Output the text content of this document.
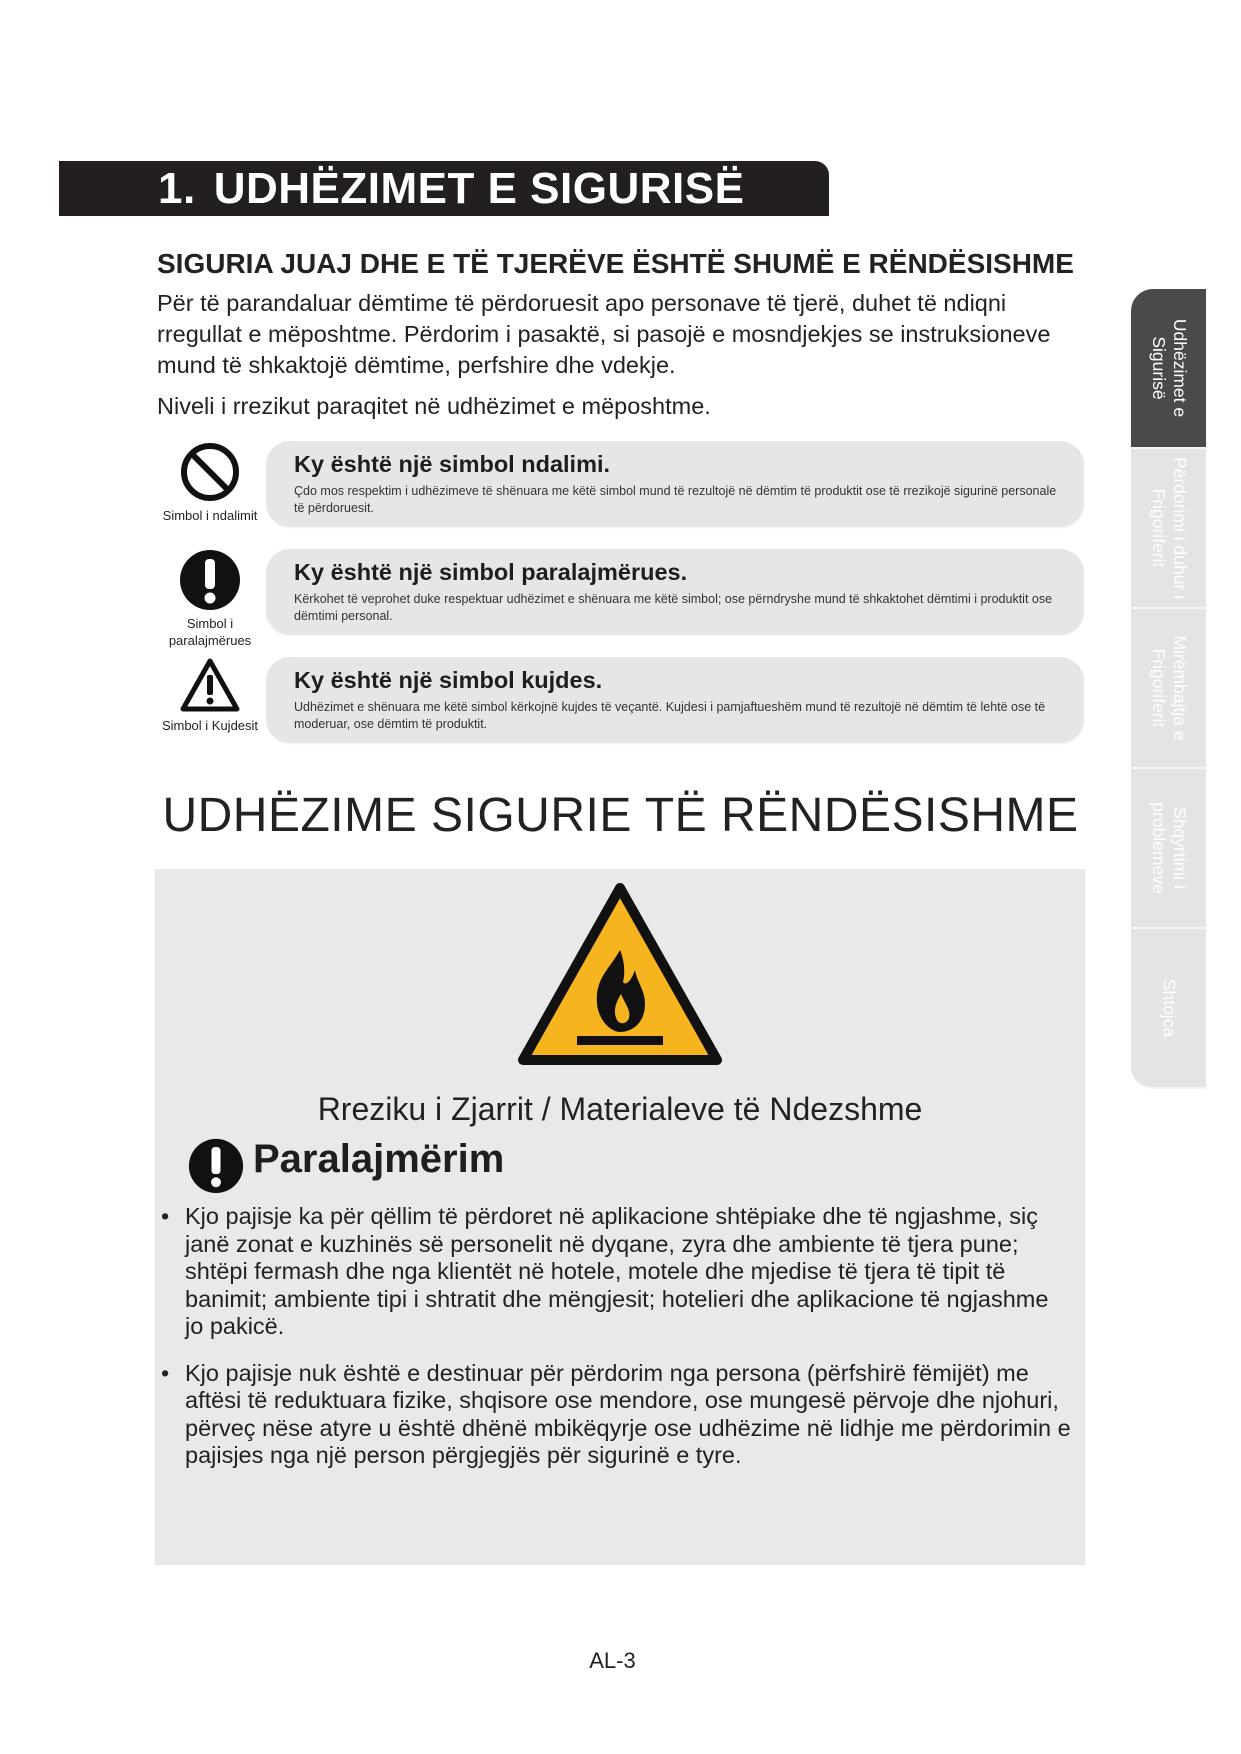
1. UDHËZIMET E SIGURISË
SIGURIA JUAJ DHE E TË TJERËVE ËSHTË SHUMË E RËNDËSISHME

Për të parandaluar dëmtime të përdoruesit apo personave të tjerë, duhet të ndiqni rregullat e mëposhtme. Përdorim i pasaktë, si pasojë e mosndjekjes se instruksioneve mund të shkaktojë dëmtime, perfshire dhe vdekje.

Niveli i rrezikut paraqitet në udhëzimet e mëposhtme.

Simbol i ndalimit
Ky është një simbol ndalimi.

Çdo mos respektim i udhëzimeve të shënuara me këtë simbol mund të rezultojë në dëmtim të produktit ose të rrezikojë sigurinë personale të përdoruesit.

Simbol i paralajmërues
Ky është një simbol paralajmërues.

Kërkohet të veprohet duke respektuar udhëzimet e shënuara me këtë simbol; ose përndryshe mund të shkaktohet dëmtimi i produktit ose dëmtimi personal.

Simbol i Kujdesit
Ky është një simbol kujdes.

Udhëzimet e shënuara me këtë simbol kërkojnë kujdes të veçantë. Kujdesi i pamjaftueshëm mund të rezultojë në dëmtim të lehtë ose të moderuar, ose dëmtim të produktit.

UDHËZIME SIGURIE TË RËNDËSISHME

Rreziku i Zjarrit / Materialeve të Ndezshme

Paralajmërim
• Kjo pajisje ka për qëllim të përdoret në aplikacione shtëpiake dhe të ngjashme, siç janë zonat e kuzhinës së personelit në dyqane, zyra dhe ambiente të tjera pune; shtëpi fermash dhe nga klientët në hotele, motele dhe mjedise të tjera të tipit të banimit; ambiente tipi i shtratit dhe mëngjesit; hotelieri dhe aplikacione të ngjashme jo pakicë.
• Kjo pajisje nuk është e destinuar për përdorim nga persona (përfshirë fëmijët) me aftësi të reduktuara fizike, shqisore ose mendore, ose mungesë përvoje dhe njohuri, përveç nëse atyre u është dhënë mbikëqyrje ose udhëzime në lidhje me përdorimin e pajisjes nga një person përgjegjës për sigurinë e tyre.

AL-3

Udhëzimet e Sigurisë
Përdorimi i duhur i Frigoriferit
Mirëmbajtja e Frigoriferit
Shqyrtimi i problemeve
Shtojca
